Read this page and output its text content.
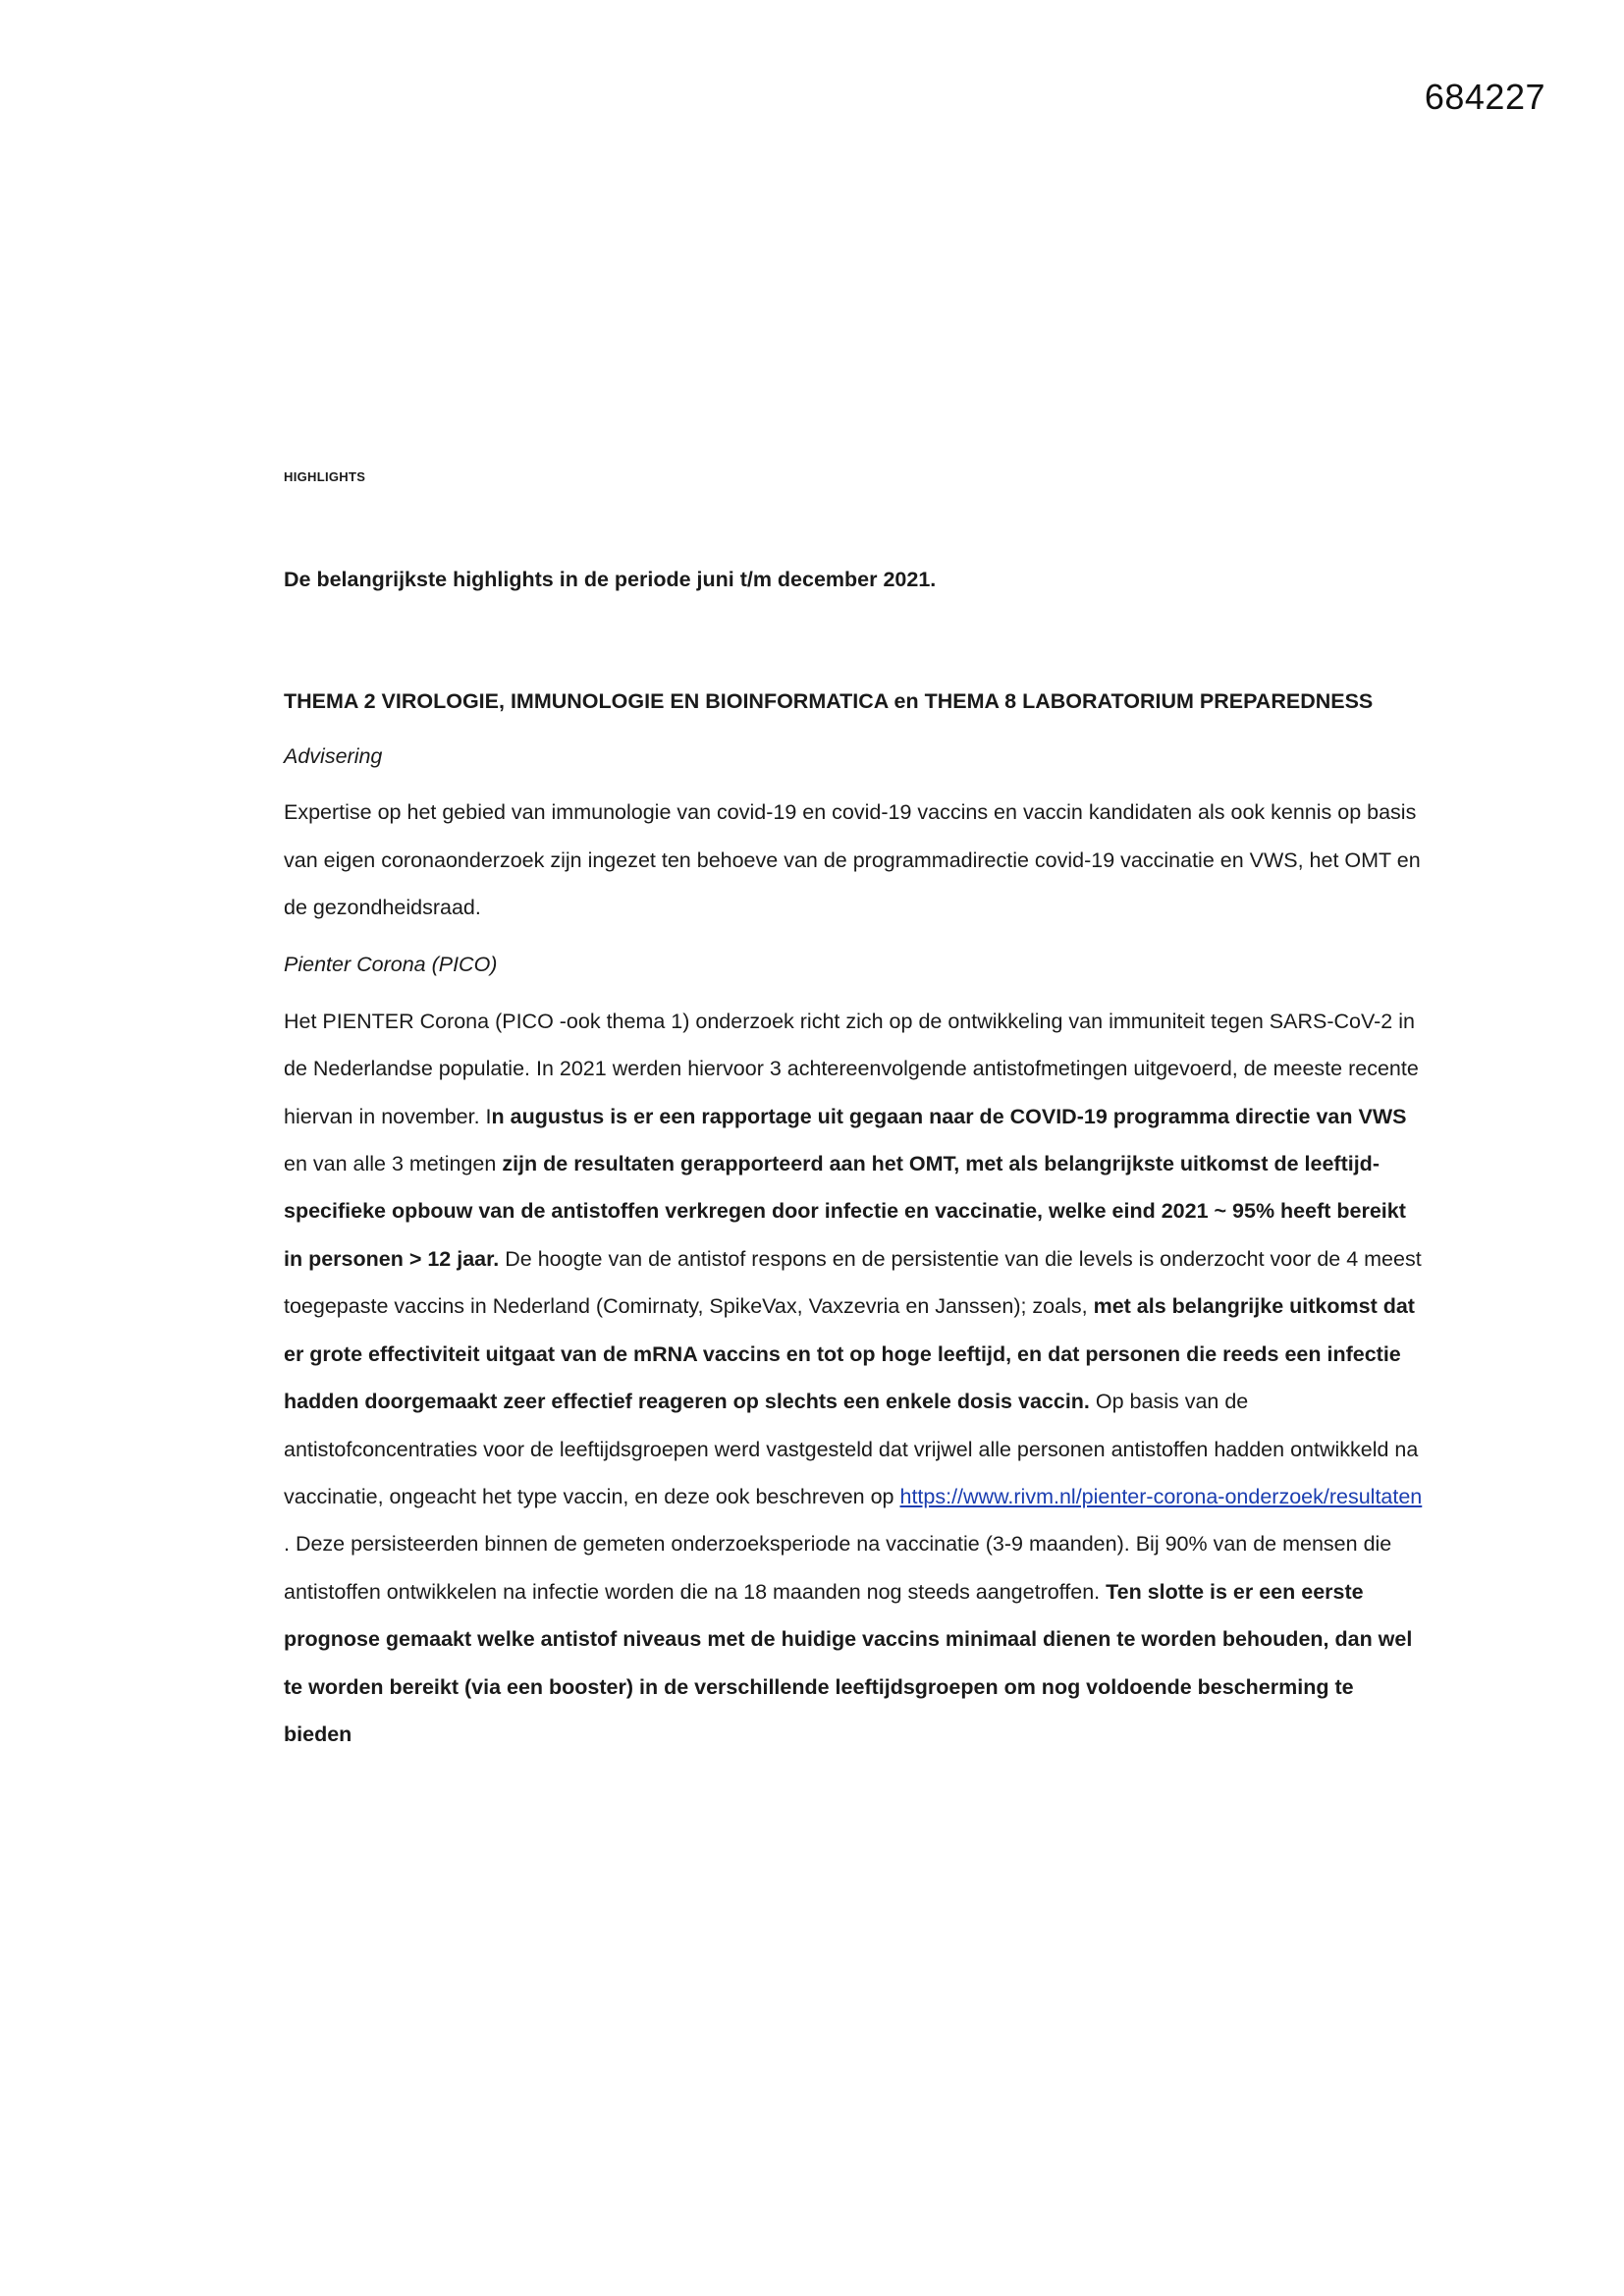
684227
HIGHLIGHTS
De belangrijkste highlights in de periode juni t/m december 2021.
THEMA 2 VIROLOGIE, IMMUNOLOGIE EN BIOINFORMATICA en THEMA 8 LABORATORIUM PREPAREDNESS
Advisering

Expertise op het gebied van immunologie van covid-19 en covid-19 vaccins en vaccin kandidaten als ook kennis op basis van eigen coronaonderzoek zijn ingezet ten behoeve van de programmadirectie covid-19 vaccinatie en VWS, het OMT en de gezondheidsraad.

Pienter Corona (PICO)

Het PIENTER Corona (PICO -ook thema 1) onderzoek richt zich op de ontwikkeling van immuniteit tegen SARS-CoV-2 in de Nederlandse populatie. In 2021 werden hiervoor 3 achtereenvolgende antistofmetingen uitgevoerd, de meeste recente hiervan in november. In augustus is er een rapportage uit gegaan naar de COVID-19 programma directie van VWS en van alle 3 metingen zijn de resultaten gerapporteerd aan het OMT, met als belangrijkste uitkomst de leeftijd-specifieke opbouw van de antistoffen verkregen door infectie en vaccinatie, welke eind 2021 ~ 95% heeft bereikt in personen > 12 jaar. De hoogte van de antistof respons en de persistentie van die levels is onderzocht voor de 4 meest toegepaste vaccins in Nederland (Comirnaty, SpikeVax, Vaxzevria en Janssen); zoals, met als belangrijke uitkomst dat er grote effectiviteit uitgaat van de mRNA vaccins en tot op hoge leeftijd, en dat personen die reeds een infectie hadden doorgemaakt zeer effectief reageren op slechts een enkele dosis vaccin. Op basis van de antistofconcentraties voor de leeftijdsgroepen werd vastgesteld dat vrijwel alle personen antistoffen hadden ontwikkeld na vaccinatie, ongeacht het type vaccin, en deze ook beschreven op https://www.rivm.nl/pienter-corona-onderzoek/resultaten . Deze persisteerden binnen de gemeten onderzoeksperiode na vaccinatie (3-9 maanden). Bij 90% van de mensen die antistoffen ontwikkelen na infectie worden die na 18 maanden nog steeds aangetroffen. Ten slotte is er een eerste prognose gemaakt welke antistof niveaus met de huidige vaccins minimaal dienen te worden behouden, dan wel te worden bereikt (via een booster) in de verschillende leeftijdsgroepen om nog voldoende bescherming te bieden
